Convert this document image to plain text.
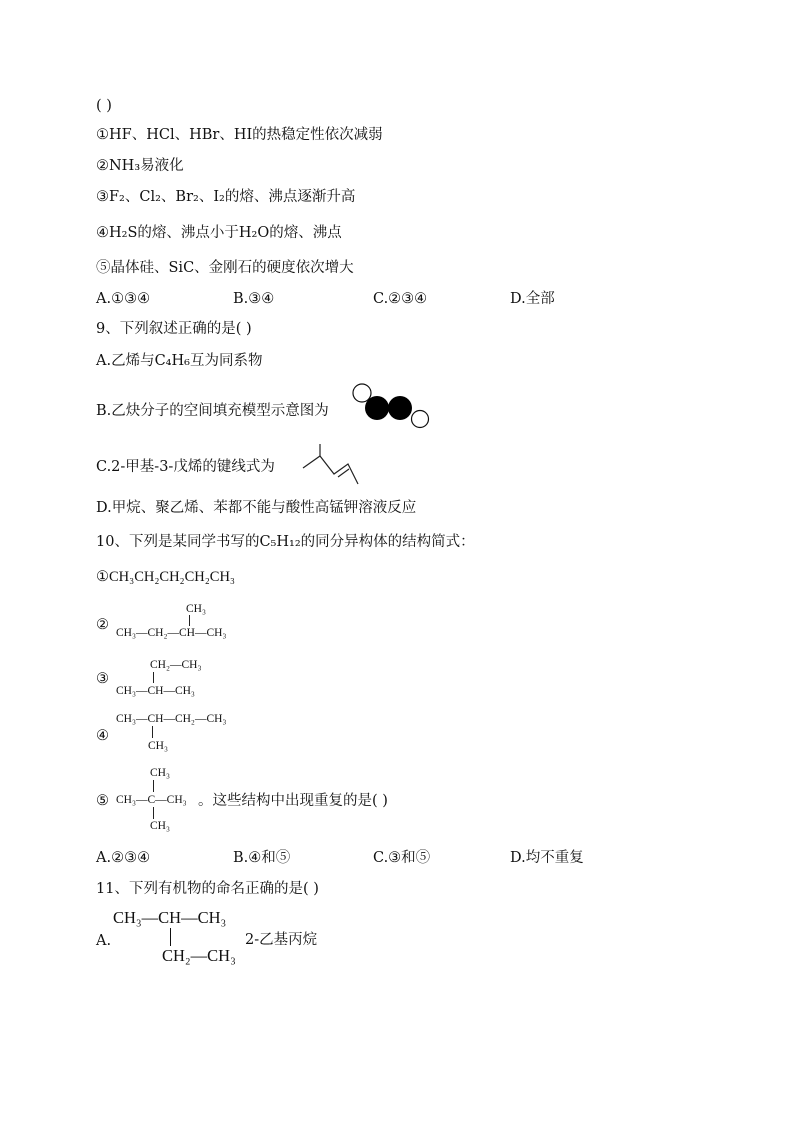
( )
①HF、HCl、HBr、HI的热稳定性依次减弱
②NH₃易液化
③F₂、Cl₂、Br₂、I₂的熔、沸点逐渐升高
④H₂S的熔、沸点小于H₂O的熔、沸点
⑤晶体硅、SiC、金刚石的硬度依次增大
A.①③④	B.③④	C.②③④	D.全部
9、下列叙述正确的是( )
A.乙烯与C₄H₆互为同系物
B.乙炔分子的空间填充模型示意图为
C.2-甲基-3-戊烯的键线式为
D.甲烷、聚乙烯、苯都不能与酸性高锰钾溶液反应
10、下列是某同学书写的C₅H₁₂的同分异构体的结构简式：
①CH₃CH₂CH₂CH₂CH₃
②
CH₃
CH₃—CH₂—CH—CH₃
③
CH₂—CH₃
CH₃—CH—CH₃
④
CH₃—CH—CH₂—CH₃
CH₃
⑤
CH₃
CH₃—C—CH₃
CH₃
。这些结构中出现重复的是( )
A.②③④	B.④和⑤	C.③和⑤	D.均不重复
11、下列有机物的命名正确的是( )
CH₃—CH—CH₃
CH₂—CH₃
A.	2-乙基丙烷
